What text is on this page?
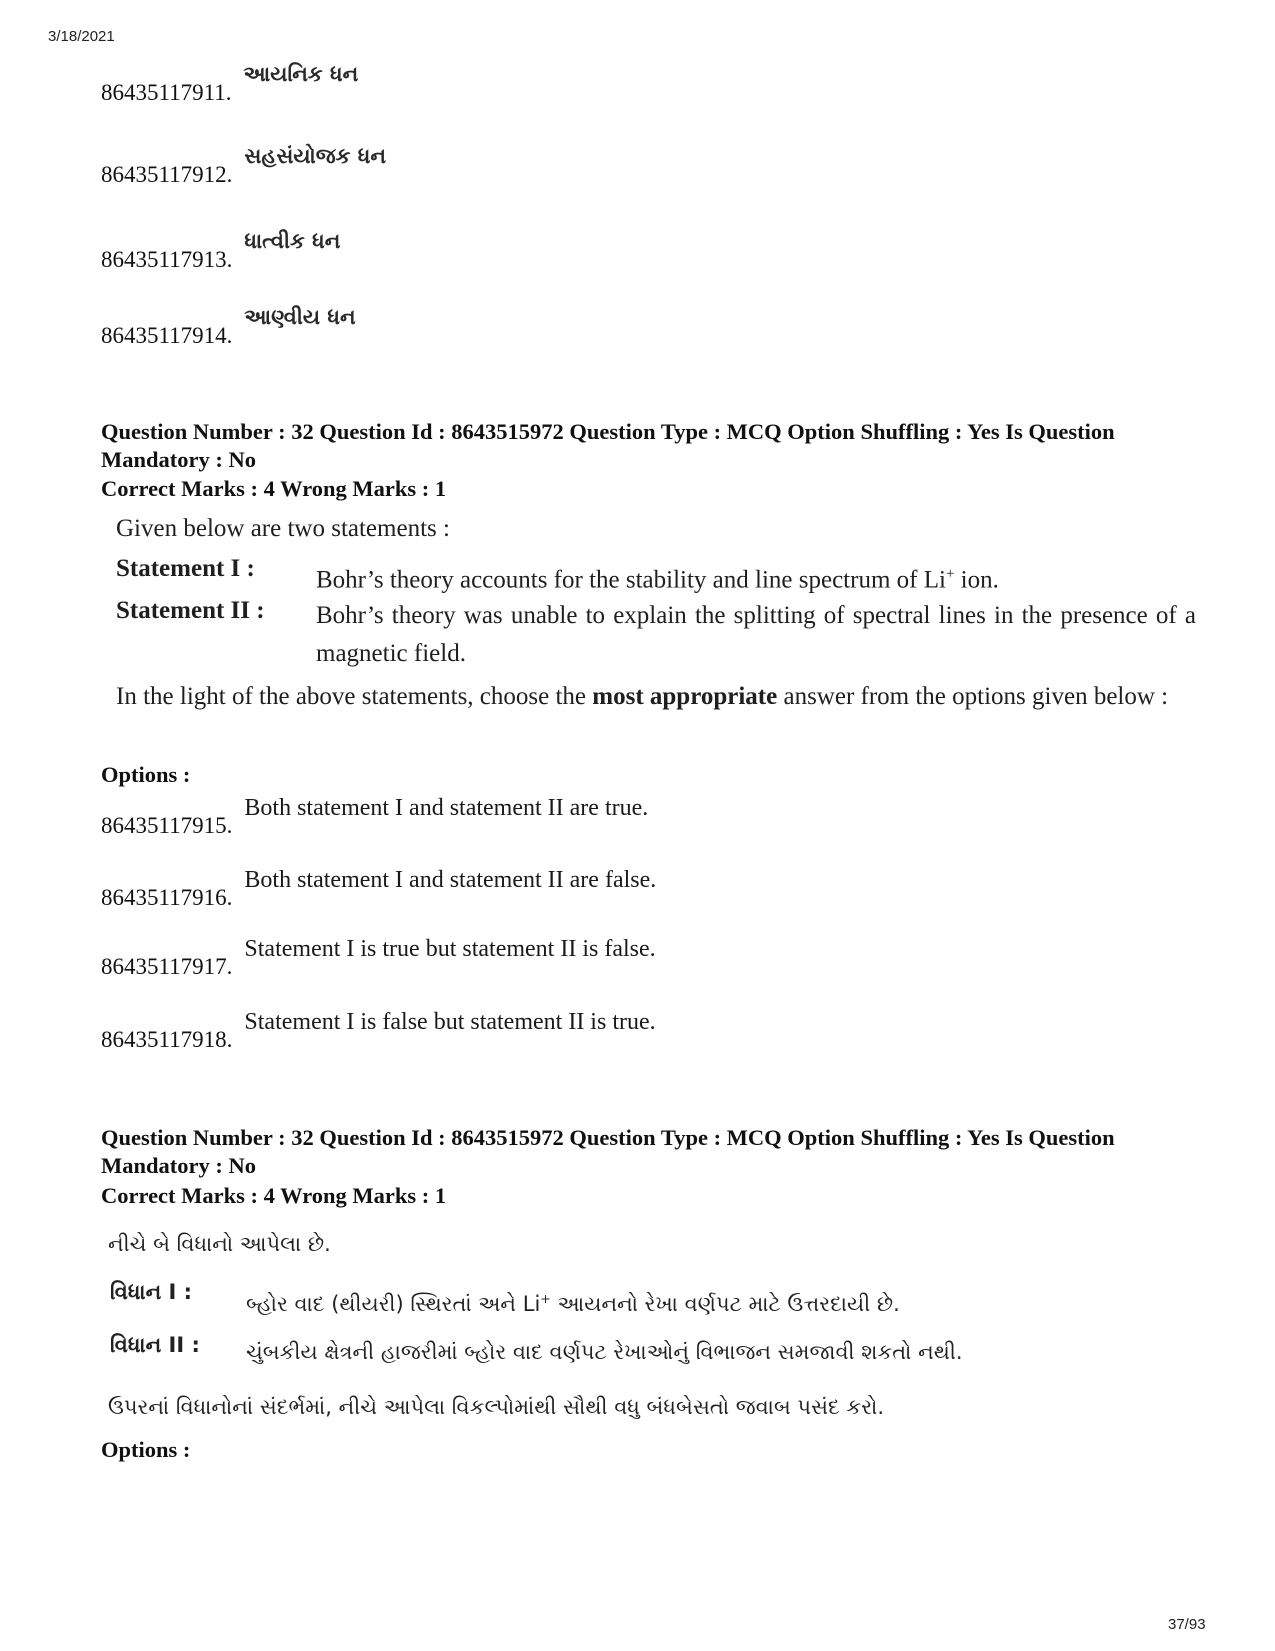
3/18/2021
86435117911.
આયનિક ધન
86435117912.
સહસંયોજક ધન
86435117913.
ધાત્વીક ધન
86435117914.
આણ્વીય ધન
Question Number : 32 Question Id : 8643515972 Question Type : MCQ Option Shuffling : Yes Is Question Mandatory : No
Correct Marks : 4 Wrong Marks : 1
Given below are two statements :
Statement I :	Bohr’s theory accounts for the stability and line spectrum of Li+ ion.
Statement II :	Bohr’s theory was unable to explain the splitting of spectral lines in the presence of a magnetic field.
In the light of the above statements, choose the most appropriate answer from the options given below :
Options :
86435117915.
Both statement I and statement II are true.
86435117916.
Both statement I and statement II are false.
86435117917.
Statement I is true but statement II is false.
86435117918.
Statement I is false but statement II is true.
Question Number : 32 Question Id : 8643515972 Question Type : MCQ Option Shuffling : Yes Is Question Mandatory : No
Correct Marks : 4 Wrong Marks : 1
નીચે બે વિધાનો આપેલા છે.
વિધાન I :	બ્હોર વાદ (થીયરી) સ્થિરતાં અને Li+ આયનનો રેખા વર્ણપટ માટે ઉત્તરદાયી છે.
વિધાન II :	ચુંબકીય ક્ષેત્રની હાજરીમાં બ્હોર વાદ વર્ણપટ રેખાઓનું વિભાજન સમજાવી શકતો નથી.
ઉપરનાં વિધાનોનાં સંદર્ભમાં, નીચે આપેલા વિકલ્પોમાંથી સૌથી વધુ બંધબેસતો જવાબ પસંદ કરો.
Options :
37/93
